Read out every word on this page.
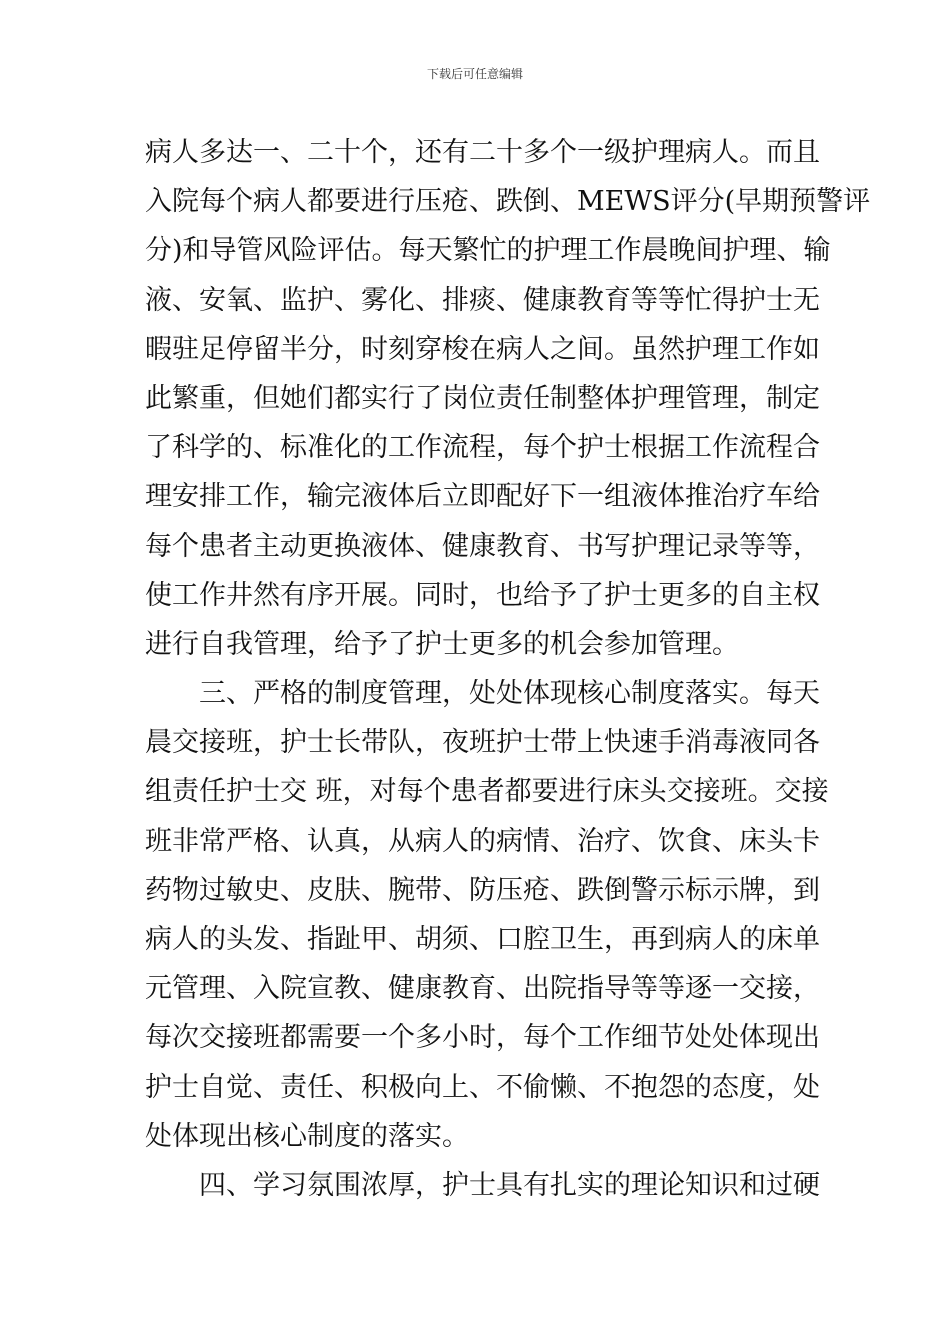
下载后可任意编辑
病人多达一、二十个，还有二十多个一级护理病人。而且
入院每个病人都要进行压疮、跌倒、MEWS评分(早期预警评
分)和导管风险评估。每天繁忙的护理工作晨晚间护理、输
液、安氧、监护、雾化、排痰、健康教育等等忙得护士无
暇驻足停留半分，时刻穿梭在病人之间。虽然护理工作如
此繁重，但她们都实行了岗位责任制整体护理管理，制定
了科学的、标准化的工作流程，每个护士根据工作流程合
理安排工作，输完液体后立即配好下一组液体推治疗车给
每个患者主动更换液体、健康教育、书写护理记录等等，
使工作井然有序开展。同时，也给予了护士更多的自主权
进行自我管理，给予了护士更多的机会参加管理。
　　三、严格的制度管理，处处体现核心制度落实。每天
晨交接班，护士长带队，夜班护士带上快速手消毒液同各
组责任护士交 班，对每个患者都要进行床头交接班。交接
班非常严格、认真，从病人的病情、治疗、饮食、床头卡
药物过敏史、皮肤、腕带、防压疮、跌倒警示标示牌，到
病人的头发、指趾甲、胡须、口腔卫生，再到病人的床单
元管理、入院宣教、健康教育、出院指导等等逐一交接，
每次交接班都需要一个多小时，每个工作细节处处体现出
护士自觉、责任、积极向上、不偷懒、不抱怨的态度，处
处体现出核心制度的落实。
　　四、学习氛围浓厚，护士具有扎实的理论知识和过硬
